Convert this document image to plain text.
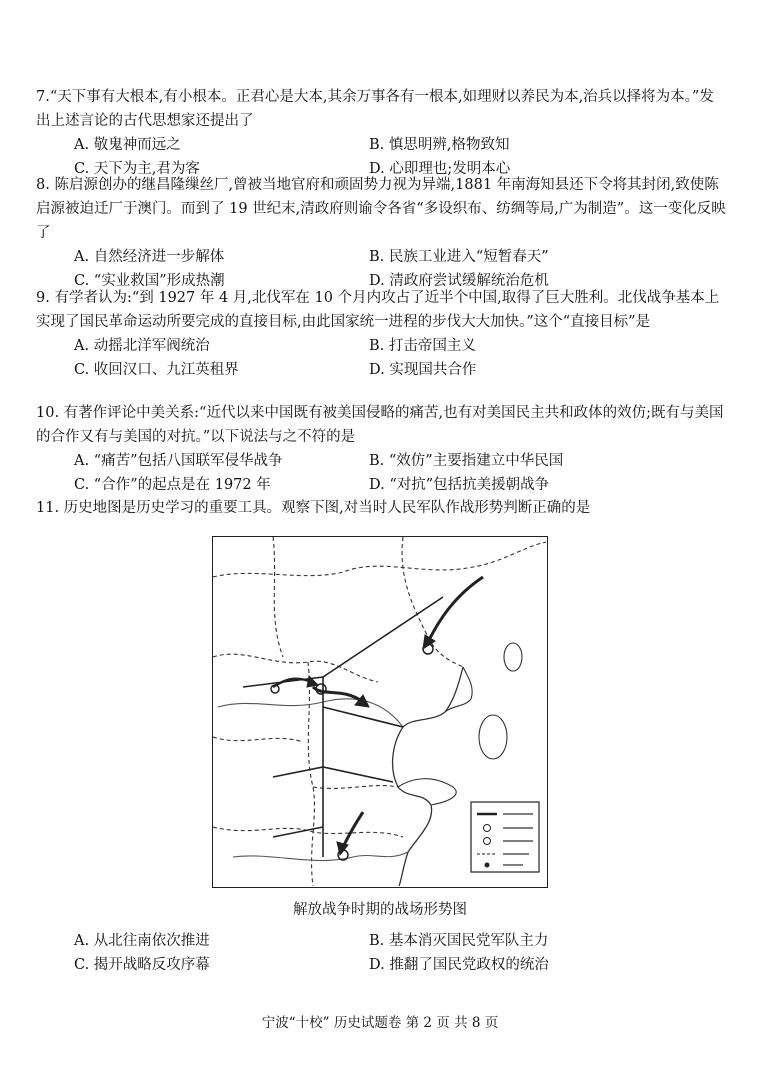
7.“天下事有大根本,有小根本。正君心是大本,其余万事各有一根本,如理财以养民为本,治兵以择将为本。”发出上述言论的古代思想家还提出了
A. 敬鬼神而远之	B. 慎思明辨,格物致知
C. 天下为主,君为客	D. 心即理也;发明本心
8. 陈启源创办的继昌隆缫丝厂,曾被当地官府和顽固势力视为异端,1881 年南海知县还下令将其封闭,致使陈启源被迫迁厂于澳门。而到了 19 世纪末,清政府则谕令各省“多设织布、纺绸等局,广为制造”。这一变化反映了
A. 自然经济进一步解体	B. 民族工业进入“短暂春天”
C. “实业救国”形成热潮	D. 清政府尝试缓解统治危机
9. 有学者认为:“到 1927 年 4 月,北伐军在 10 个月内攻占了近半个中国,取得了巨大胜利。北伐战争基本上实现了国民革命运动所要完成的直接目标,由此国家统一进程的步伐大大加快。”这个“直接目标”是
A. 动摇北洋军阀统治	B. 打击帝国主义
C. 收回汉口、九江英租界	D. 实现国共合作
10. 有著作评论中美关系:“近代以来中国既有被美国侵略的痛苦,也有对美国民主共和政体的效仿;既有与美国的合作又有与美国的对抗。”以下说法与之不符的是
A. “痛苦”包括八国联军侵华战争	B. “效仿”主要指建立中华民国
C. “合作”的起点是在 1972 年	D. “对抗”包括抗美援朝战争
11. 历史地图是历史学习的重要工具。观察下图,对当时人民军队作战形势判断正确的是
解放战争时期的战场形势图
A. 从北往南依次推进	B. 基本消灭国民党军队主力
C. 揭开战略反攻序幕	D. 推翻了国民党政权的统治
宁波“十校” 历史试题卷 第 2 页 共 8 页
